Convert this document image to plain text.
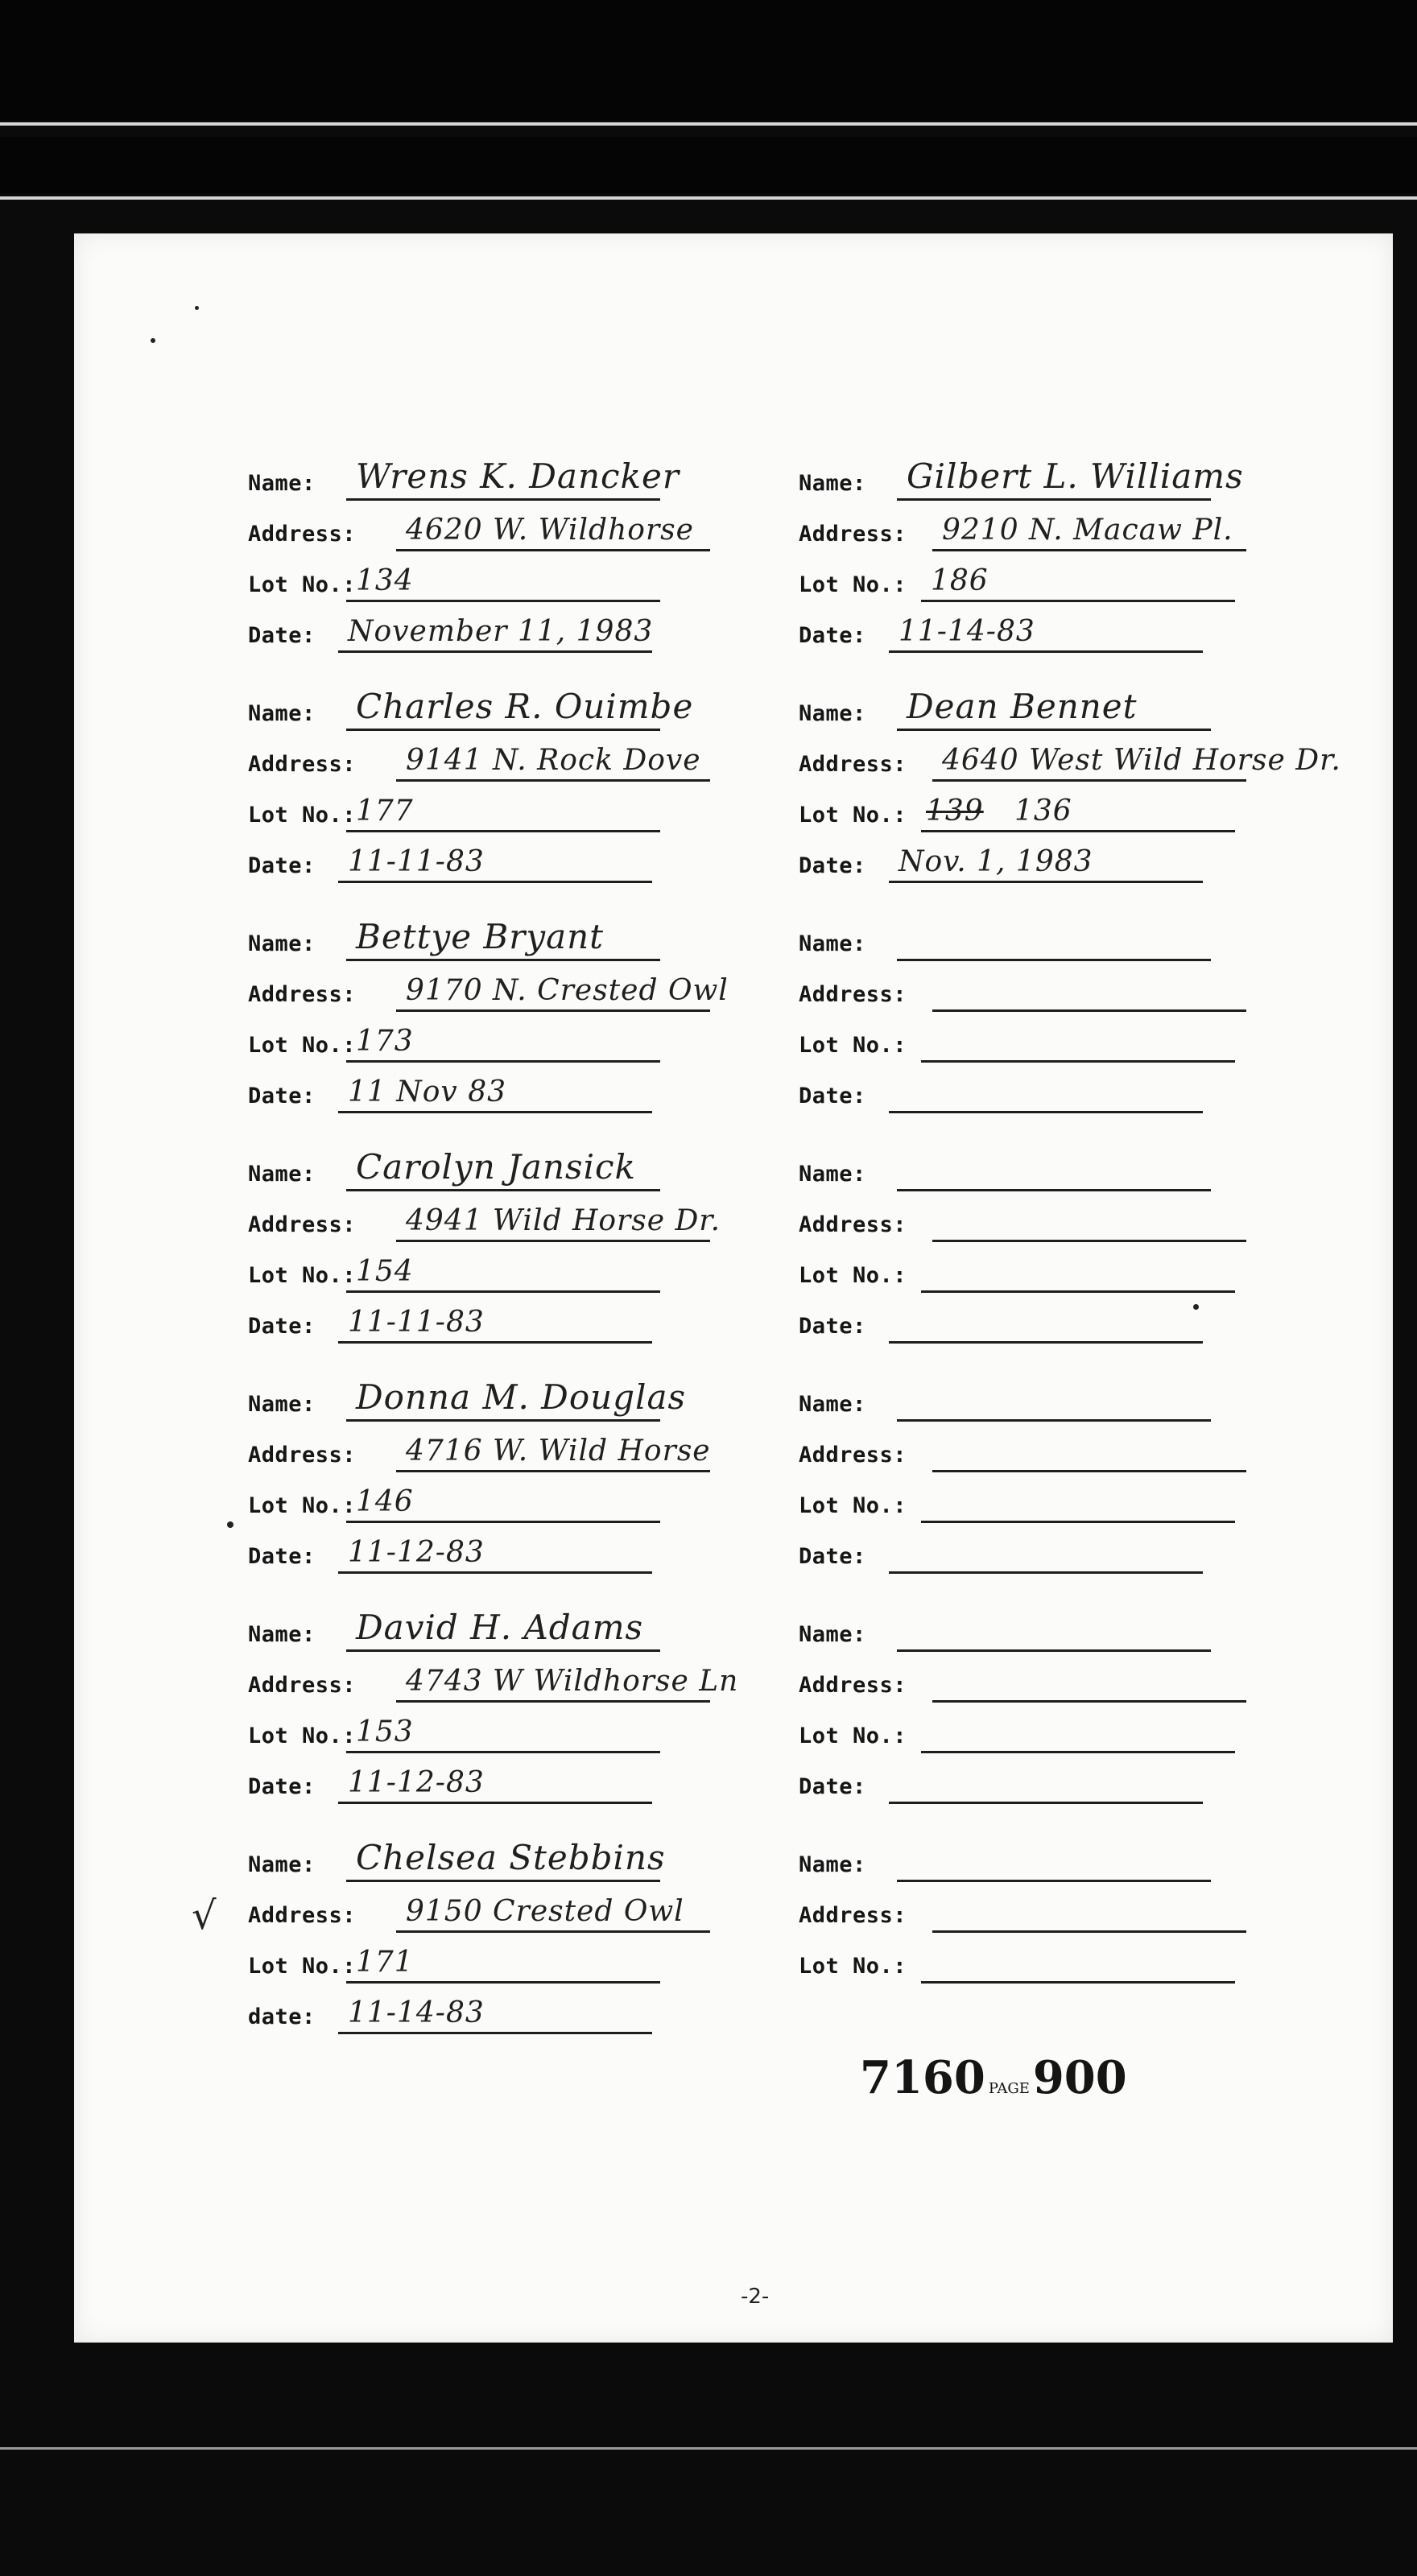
Name: Wrens K. Dancker
Address: 4620 W. Wildhorse
Lot No.: 134
Date: November 11, 1983
Name: Charles R. Ouimbe
Address: 9141 N. Rock Dove
Lot No.: 177
Date: 11-11-83
Name: Bettye Bryant
Address: 9170 N. Crested Owl
Lot No.: 173
Date: 11 Nov 83
Name: Carolyn Jansick
Address: 4941 Wild Horse Dr.
Lot No.: 154
Date: 11-11-83
Name: Donna M. Douglas
Address: 4716 W. Wild Horse
Lot No.: 146
Date: 11-12-83
Name: David H. Adams
Address: 4743 W Wildhorse Ln
Lot No.: 153
Date: 11-12-83
Name: Chelsea Stebbins
Address: 9150 Crested Owl
Lot No.: 171
date: 11-14-83
Name: Gilbert L. Williams
Address: 9210 N. Macaw Pl.
Lot No.: 186
Date: 11-14-83
Name: Dean Bennet
Address: 4640 West Wild Horse Dr.
Lot No.: 139 136
Date: Nov. 1, 1983
Name:
Address:
Lot No.:
Date:
Name:
Address:
Lot No.:
Date:
Name:
Address:
Lot No.:
Date:
Name:
Address:
Lot No.:
Date:
Name:
Address:
Lot No.:
√
7160 PAGE900
-2-
